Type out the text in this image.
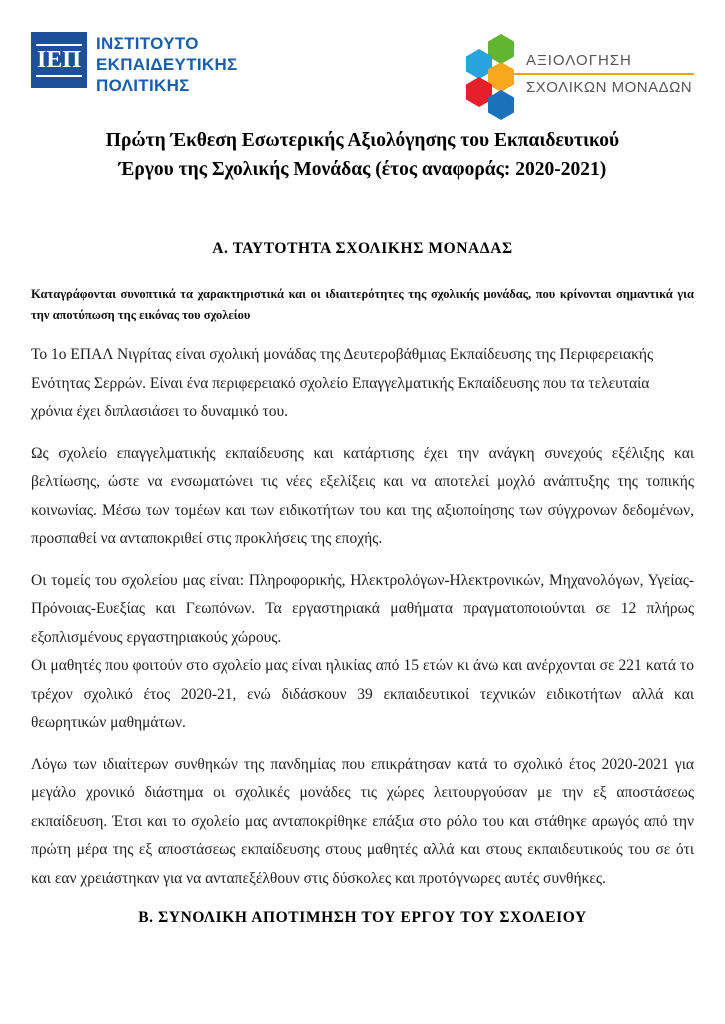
ΙΕΠ
ΙΝΣΤΙΤΟΥΤΟ
ΕΚΠΑΙΔΕΥΤΙΚΗΣ
ΠΟΛΙΤΙΚΗΣ
ΑΞΙΟΛΟΓΗΣΗ
ΣΧΟΛΙΚΩΝ ΜΟΝΑΔΩΝ
Πρώτη Έκθεση Εσωτερικής Αξιολόγησης του Εκπαιδευτικού
Έργου της Σχολικής Μονάδας (έτος αναφοράς: 2020-2021)
Α. ΤΑΥΤΟΤΗΤΑ ΣΧΟΛΙΚΗΣ ΜΟΝΑΔΑΣ

Καταγράφονται συνοπτικά τα χαρακτηριστικά και οι ιδιαιτερότητες της σχολικής μονάδας, που κρίνονται σημαντικά για την αποτύπωση της εικόνας του σχολείου

Το 1ο ΕΠΑΛ Νιγρίτας είναι σχολική μονάδας της Δευτεροβάθμιας Εκπαίδευσης της Περιφερειακής
Ενότητας Σερρών. Είναι ένα περιφερειακό σχολείο Επαγγελματικής Εκπαίδευσης που τα τελευταία
χρόνια έχει διπλασιάσει το δυναμικό του.

Ως σχολείο επαγγελματικής εκπαίδευσης και κατάρτισης έχει την ανάγκη συνεχούς εξέλιξης και βελτίωσης, ώστε να ενσωματώνει τις νέες εξελίξεις και να αποτελεί μοχλό ανάπτυξης της τοπικής κοινωνίας. Μέσω των τομέων και των ειδικοτήτων του και της αξιοποίησης των σύγχρονων δεδομένων, προσπαθεί να ανταποκριθεί στις προκλήσεις της εποχής.

Οι τομείς του σχολείου μας είναι: Πληροφορικής, Ηλεκτρολόγων-Ηλεκτρονικών, Μηχανολόγων, Υγείας- Πρόνοιας-Ευεξίας και Γεωπόνων. Τα εργαστηριακά μαθήματα πραγματοποιούνται σε 12 πλήρως εξοπλισμένους εργαστηριακούς χώρους.
Οι μαθητές που φοιτούν στο σχολείο μας είναι ηλικίας από 15 ετών κι άνω και ανέρχονται σε 221 κατά το τρέχον σχολικό έτος 2020-21, ενώ διδάσκουν 39 εκπαιδευτικοί τεχνικών ειδικοτήτων αλλά και θεωρητικών μαθημάτων.

Λόγω των ιδιαίτερων συνθηκών της πανδημίας που επικράτησαν κατά το σχολικό έτος 2020-2021 για μεγάλο χρονικό διάστημα οι σχολικές μονάδες τις χώρες λειτουργούσαν με την εξ αποστάσεως εκπαίδευση. Έτσι και το σχολείο μας ανταποκρίθηκε επάξια στο ρόλο του και στάθηκε αρωγός από την πρώτη μέρα της εξ αποστάσεως εκπαίδευσης στους μαθητές αλλά και στους εκπαιδευτικούς του σε ότι και εαν χρειάστηκαν για να ανταπεξέλθουν στις δύσκολες και προτόγνωρες αυτές συνθήκες.

Β. ΣΥΝΟΛΙΚΗ ΑΠΟΤΙΜΗΣΗ ΤΟΥ ΕΡΓΟΥ ΤΟΥ ΣΧΟΛΕΙΟΥ
